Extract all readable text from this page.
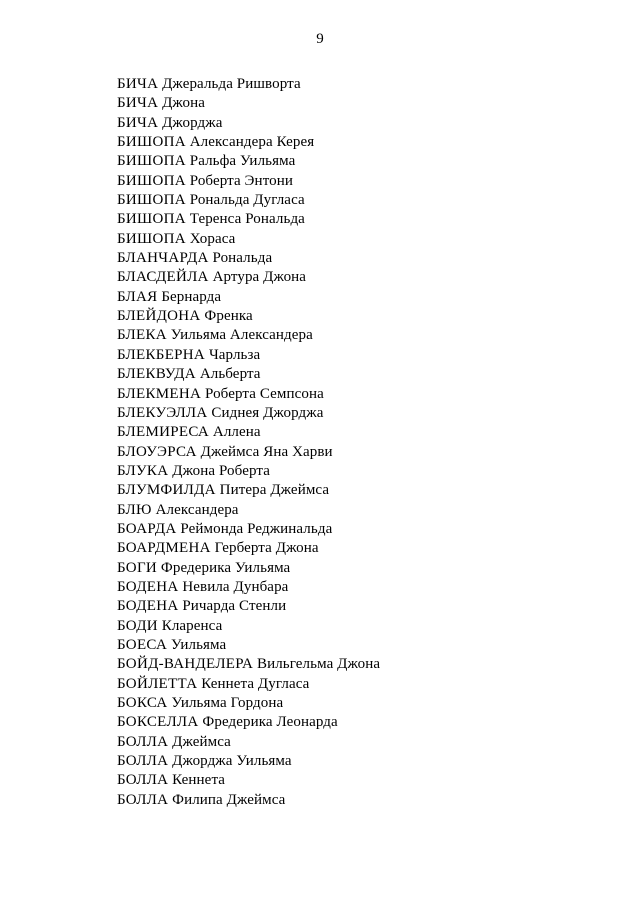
9
БИЧА Джеральда Ришворта
БИЧА Джона
БИЧА Джорджа
БИШОПА Александера Керея
БИШОПА Ральфа Уильяма
БИШОПА Роберта Энтони
БИШОПА Рональда Дугласа
БИШОПА Теренса Рональда
БИШОПА Хораса
БЛАНЧАРДА Рональда
БЛАСДЕЙЛА Артура Джона
БЛАЯ Бернарда
БЛЕЙДОНА Френка
БЛЕКА Уильяма Александера
БЛЕКБЕРНА Чарльза
БЛЕКВУДА Альберта
БЛЕКМЕНА Роберта Семпсона
БЛЕКУЭЛЛА Сиднея Джорджа
БЛЕМИРЕСА Аллена
БЛОУЭРСА Джеймса Яна Харви
БЛУКА Джона Роберта
БЛУМФИЛДА Питера Джеймса
БЛЮ Александера
БОАРДА Реймонда Реджинальда
БОАРДМЕНА Герберта Джона
БОГИ Фредерика Уильяма
БОДЕНА Невила Дунбара
БОДЕНА Ричарда Стенли
БОДИ Кларенса
БОЕСА Уильяма
БОЙД-ВАНДЕЛЕРА Вильгельма Джона
БОЙЛЕТТА Кеннета Дугласа
БОКСА Уильяма Гордона
БОКСЕЛЛА Фредерика Леонарда
БОЛЛА Джеймса
БОЛЛА Джорджа Уильяма
БОЛЛА Кеннета
БОЛЛА Филипа Джеймса
